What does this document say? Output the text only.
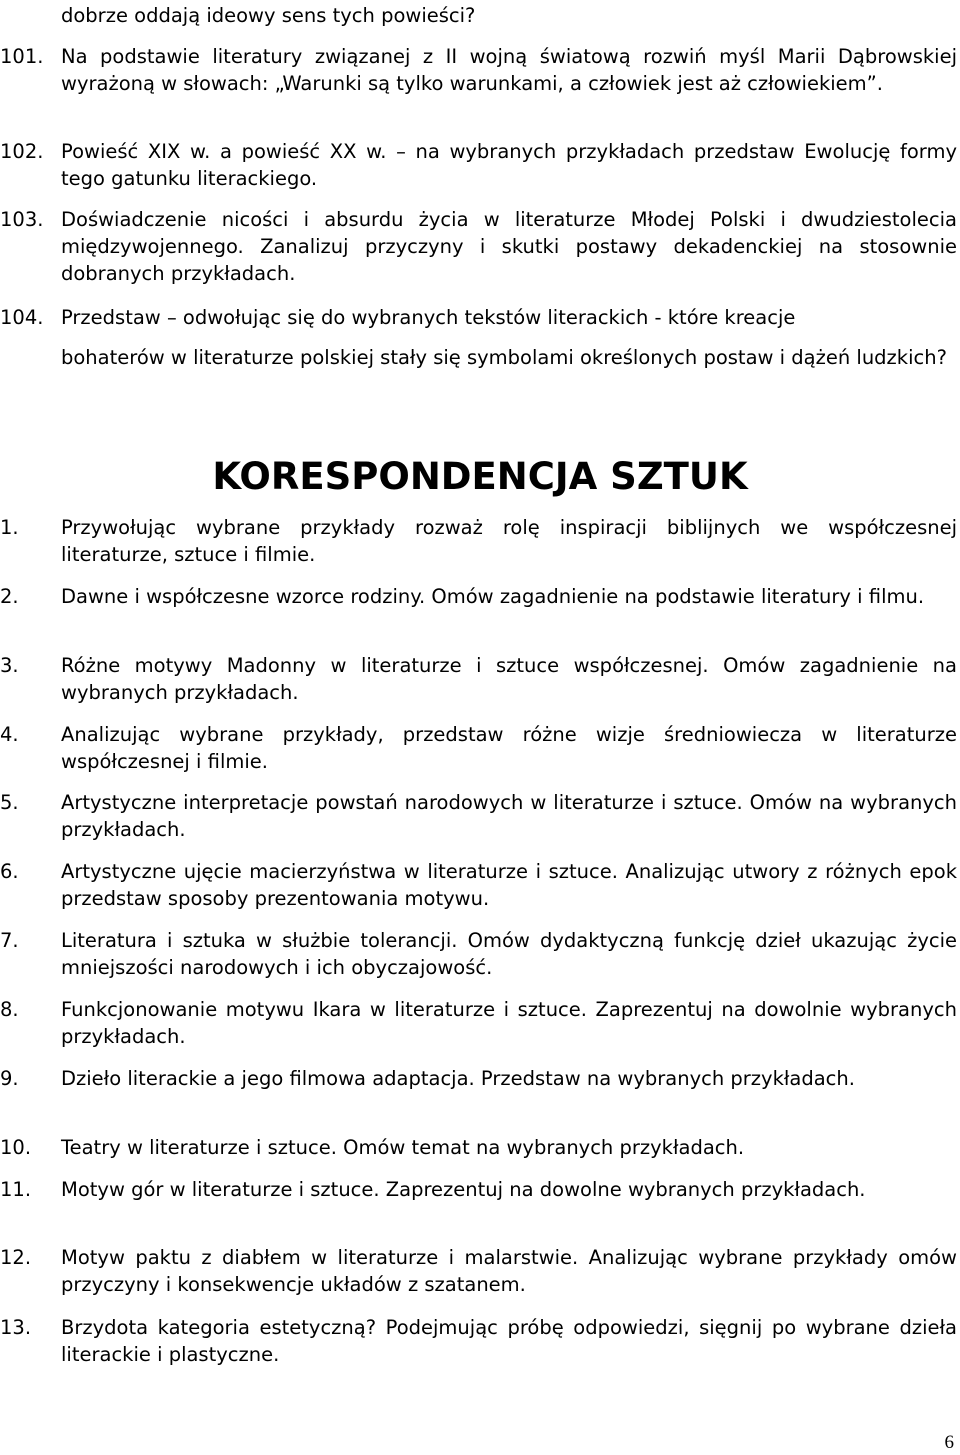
dobrze oddają ideowy sens tych powieści?
101. Na podstawie literatury związanej z II wojną światową rozwiń myśl Marii Dąbrowskiej wyrażoną w słowach: „Warunki są tylko warunkami, a człowiek jest aż człowiekiem”.
102. Powieść XIX w. a powieść XX w. – na wybranych przykładach przedstaw Ewolucję formy tego gatunku literackiego.
103. Doświadczenie nicości i absurdu życia w literaturze Młodej Polski i dwudziestolecia międzywojennego. Zanalizuj przyczyny i skutki postawy dekadenckiej na stosownie dobranych przykładach.
104. Przedstaw – odwołując się do wybranych tekstów literackich - które kreacje
bohaterów w literaturze polskiej stały się symbolami określonych postaw i dążeń ludzkich?
KORESPONDENCJA SZTUK
1. Przywołując wybrane przykłady rozważ rolę inspiracji biblijnych we współczesnej literaturze, sztuce i filmie.
2. Dawne i współczesne wzorce rodziny. Omów zagadnienie na podstawie literatury i filmu.
3. Różne motywy Madonny w literaturze i sztuce współczesnej. Omów zagadnienie na wybranych przykładach.
4. Analizując wybrane przykłady, przedstaw różne wizje średniowiecza w literaturze współczesnej i filmie.
5. Artystyczne interpretacje powstań narodowych w literaturze i sztuce. Omów na wybranych przykładach.
6. Artystyczne ujęcie macierzyństwa w literaturze i sztuce. Analizując utwory z różnych epok przedstaw sposoby prezentowania motywu.
7. Literatura i sztuka w służbie tolerancji. Omów dydaktyczną funkcję dzieł ukazując życie mniejszości narodowych i ich obyczajowość.
8. Funkcjonowanie motywu Ikara w literaturze i sztuce. Zaprezentuj na dowolnie wybranych przykładach.
9. Dzieło literackie a jego filmowa adaptacja. Przedstaw na wybranych przykładach.
10. Teatry w literaturze i sztuce. Omów temat na wybranych przykładach.
11. Motyw gór w literaturze i sztuce. Zaprezentuj na dowolne wybranych przykładach.
12. Motyw paktu z diabłem w literaturze i malarstwie. Analizując wybrane przykłady omów przyczyny i konsekwencje układów z szatanem.
13. Brzydota kategoria estetyczną? Podejmując próbę odpowiedzi, sięgnij po wybrane dzieła literackie i plastyczne.
6
